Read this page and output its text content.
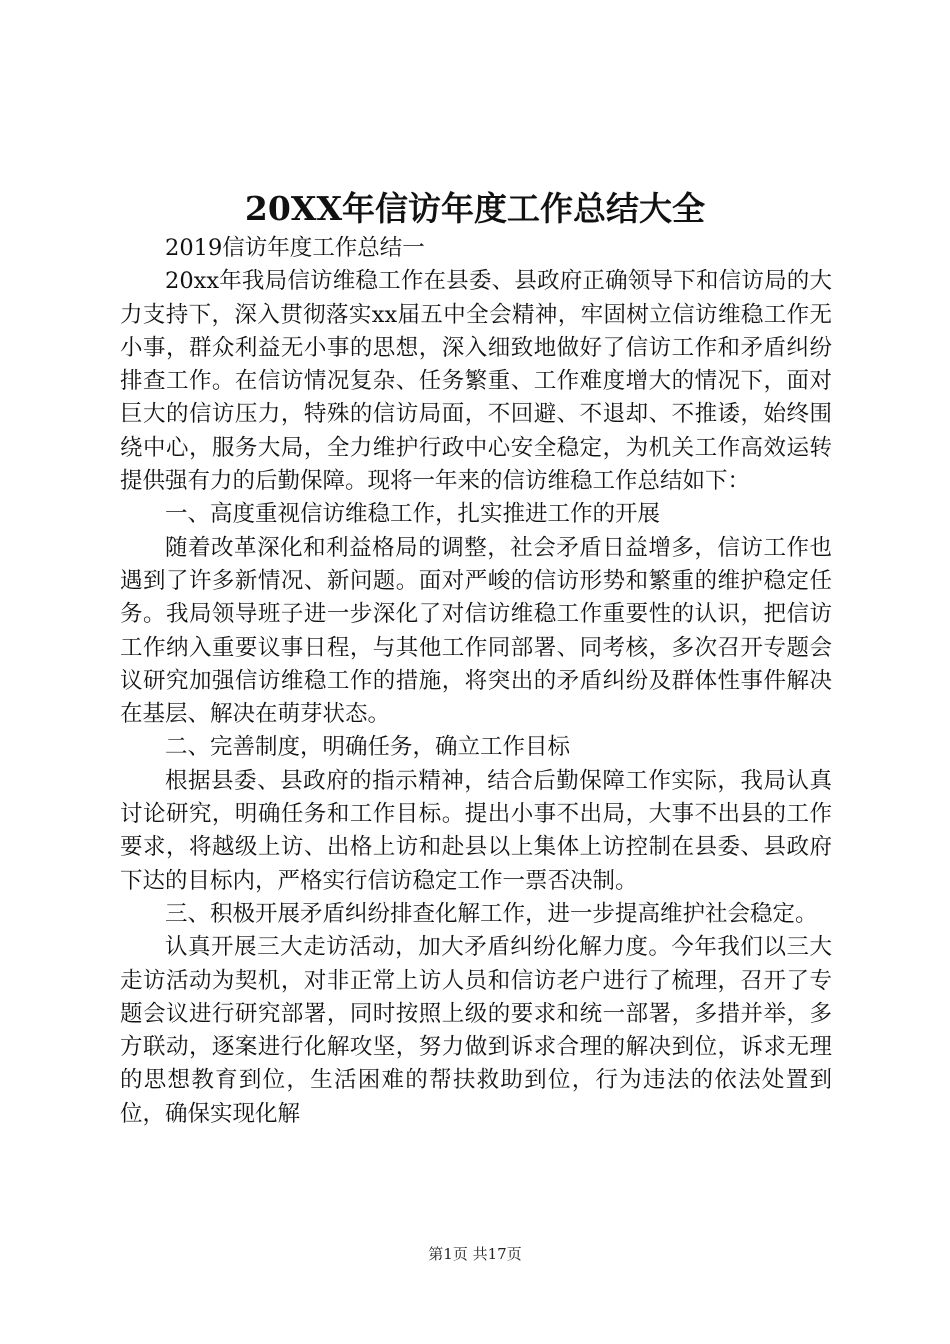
20XX年信访年度工作总结大全

2019信访年度工作总结一

20xx年我局信访维稳工作在县委、县政府正确领导下和信访局的大力支持下，深入贯彻落实xx届五中全会精神，牢固树立信访维稳工作无小事，群众利益无小事的思想，深入细致地做好了信访工作和矛盾纠纷排查工作。在信访情况复杂、任务繁重、工作难度增大的情况下，面对巨大的信访压力，特殊的信访局面，不回避、不退却、不推诿，始终围绕中心，服务大局，全力维护行政中心安全稳定，为机关工作高效运转提供强有力的后勤保障。现将一年来的信访维稳工作总结如下：

一、高度重视信访维稳工作，扎实推进工作的开展

随着改革深化和利益格局的调整，社会矛盾日益增多，信访工作也遇到了许多新情况、新问题。面对严峻的信访形势和繁重的维护稳定任务。我局领导班子进一步深化了对信访维稳工作重要性的认识，把信访工作纳入重要议事日程，与其他工作同部署、同考核，多次召开专题会议研究加强信访维稳工作的措施，将突出的矛盾纠纷及群体性事件解决在基层、解决在萌芽状态。

二、完善制度，明确任务，确立工作目标

根据县委、县政府的指示精神，结合后勤保障工作实际，我局认真讨论研究，明确任务和工作目标。提出小事不出局，大事不出县的工作要求，将越级上访、出格上访和赴县以上集体上访控制在县委、县政府下达的目标内，严格实行信访稳定工作一票否决制。

三、积极开展矛盾纠纷排查化解工作，进一步提高维护社会稳定。

认真开展三大走访活动，加大矛盾纠纷化解力度。今年我们以三大走访活动为契机，对非正常上访人员和信访老户进行了梳理，召开了专题会议进行研究部署，同时按照上级的要求和统一部署，多措并举，多方联动，逐案进行化解攻坚，努力做到诉求合理的解决到位，诉求无理的思想教育到位，生活困难的帮扶救助到位，行为违法的依法处置到位，确保实现化解

第1页 共17页
